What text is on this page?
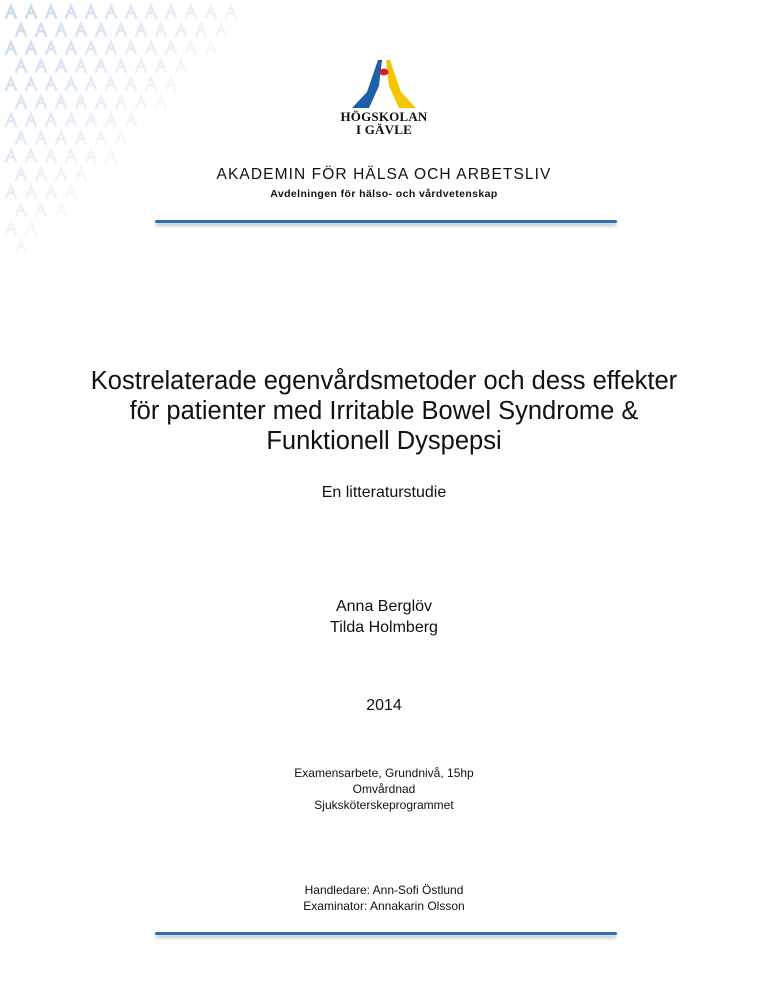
HÖGSKOLAN
I GÄVLE
AKADEMIN FÖR HÄLSA OCH ARBETSLIV
Avdelningen för hälso- och vårdvetenskap
Kostrelaterade egenvårdsmetoder och dess effekter
för patienter med Irritable Bowel Syndrome &
Funktionell Dyspepsi
En litteraturstudie
Anna Berglöv
Tilda Holmberg
2014
Examensarbete, Grundnivå, 15hp
Omvårdnad
Sjuksköterskeprogrammet
Handledare: Ann-Sofi Östlund
Examinator: Annakarin Olsson
